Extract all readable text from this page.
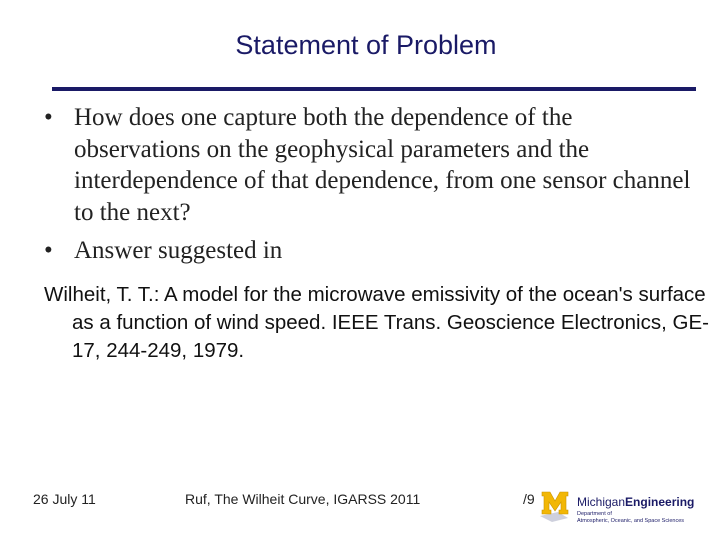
Statement of Problem
• How does one capture both the dependence of the observations on the geophysical parameters and the interdependence of that dependence, from one sensor channel to the next?
• Answer suggested in

Wilheit, T. T.: A model for the microwave emissivity of the ocean's surface as a function of wind speed. IEEE Trans. Geoscience Electronics, GE-17, 244-249, 1979.

26 July 11	Ruf, The Wilheit Curve, IGARSS 2011	/9	MichiganEngineering
Department of
Atmospheric, Oceanic, and Space Sciences
